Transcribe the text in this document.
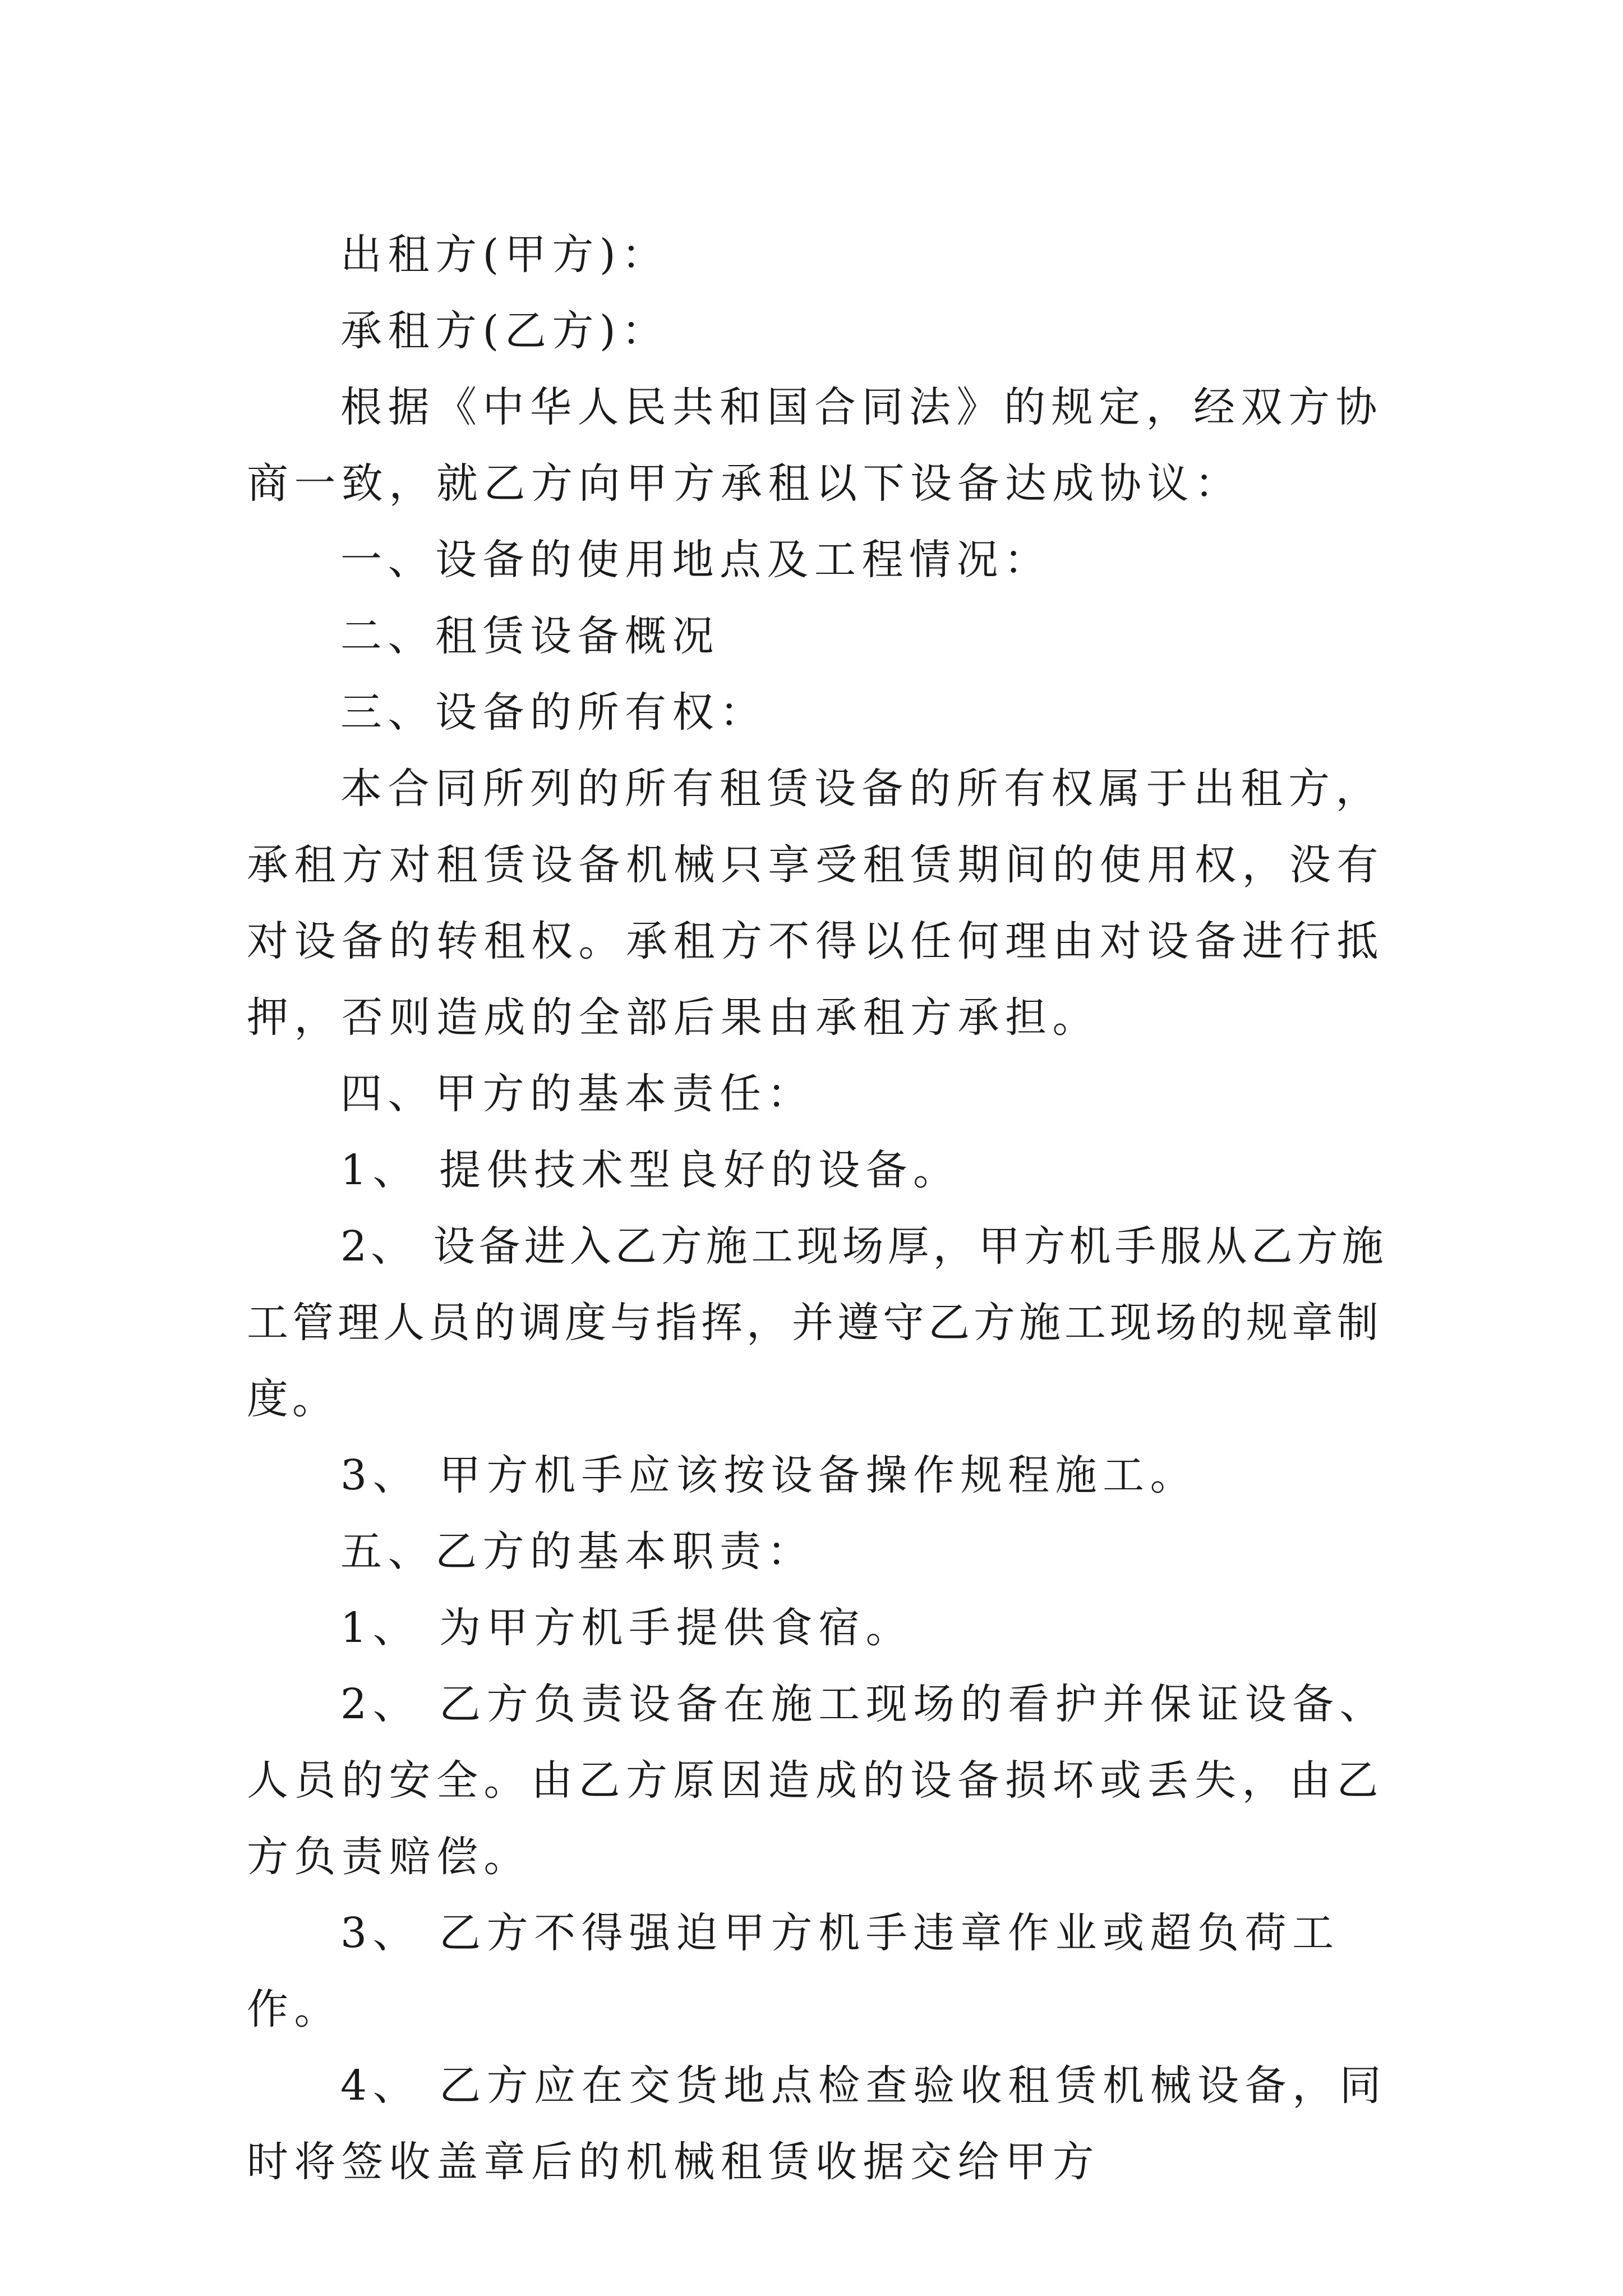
出租方(甲方)：

承租方(乙方)：

根据《中华人民共和国合同法》的规定，经双方协商一致，就乙方向甲方承租以下设备达成协议：

一、设备的使用地点及工程情况：

二、租赁设备概况

三、设备的所有权：

本合同所列的所有租赁设备的所有权属于出租方，承租方对租赁设备机械只享受租赁期间的使用权，没有对设备的转租权。承租方不得以任何理由对设备进行抵押，否则造成的全部后果由承租方承担。

四、甲方的基本责任：

1、 提供技术型良好的设备。

2、 设备进入乙方施工现场厚，甲方机手服从乙方施工管理人员的调度与指挥，并遵守乙方施工现场的规章制度。

3、 甲方机手应该按设备操作规程施工。

五、乙方的基本职责：

1、 为甲方机手提供食宿。

2、 乙方负责设备在施工现场的看护并保证设备、人员的安全。由乙方原因造成的设备损坏或丢失，由乙方负责赔偿。

3、 乙方不得强迫甲方机手违章作业或超负荷工作。

4、 乙方应在交货地点检查验收租赁机械设备，同时将签收盖章后的机械租赁收据交给甲方
